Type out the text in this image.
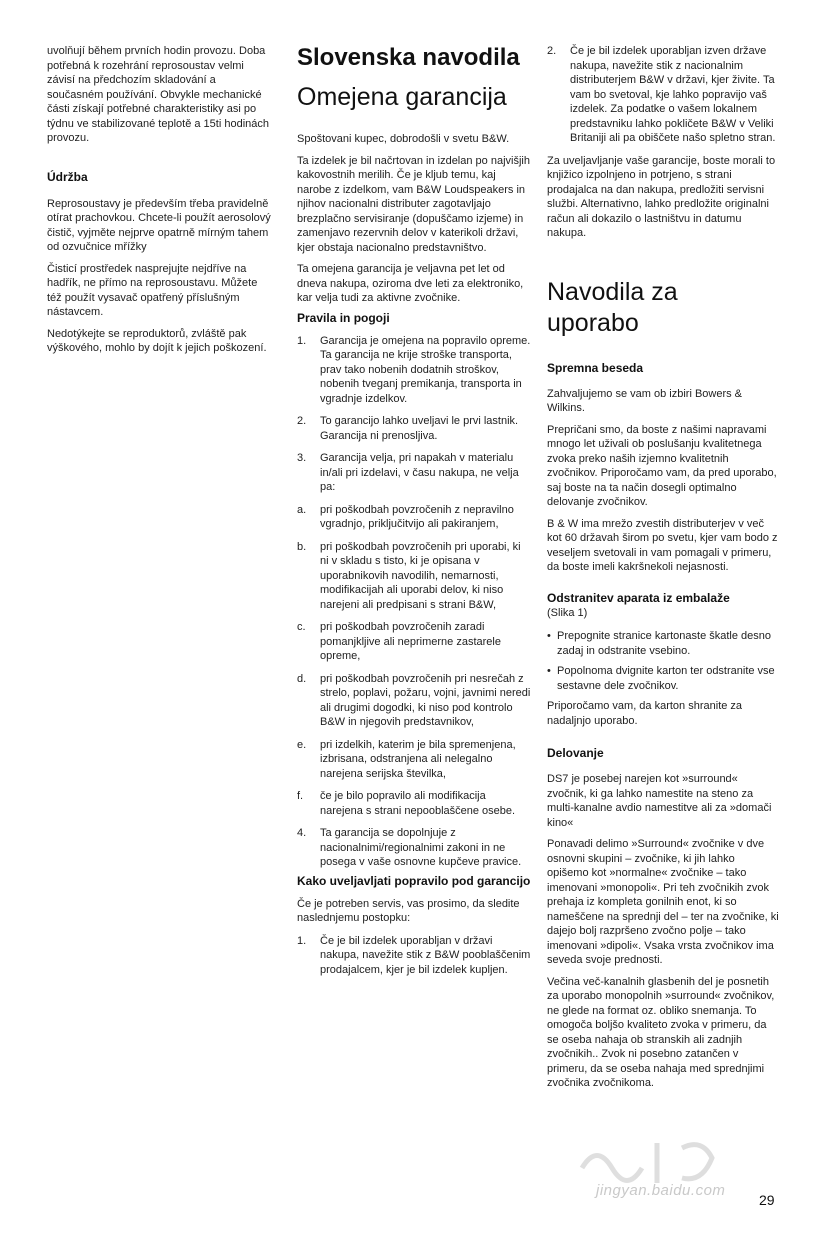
uvolňují během prvních hodin provozu. Doba potřebná k rozehrání reprosoustav velmi závisí na předchozím skladování a současném používání. Obvykle mechanické části získají potřebné charakteristiky asi po týdnu ve stabilizované teplotě a 15ti hodinách provozu.

Údržba

Reprosoustavy je především třeba pravidelně otírat prachovkou. Chcete-li použít aerosolový čistič, vyjměte nejprve opatrně mírným tahem od ozvučnice mřížky

Čisticí prostředek nasprejujte nejdříve na hadřík, ne přímo na reprosoustavu. Můžete též použít vysavač opatřený příslušným nástavcem.

Nedotýkejte se reproduktorů, zvláště pak výškového, mohlo by dojít k jejich poškození.

Slovenska navodila
Omejena garancija

Spoštovani kupec, dobrodošli v svetu B&W.

Ta izdelek je bil načrtovan in izdelan po najvišjih kakovostnih merilih. Če je kljub temu, kaj narobe z izdelkom, vam B&W Loudspeakers in njihov nacionalni distributer zagotavljajo brezplačno servisiranje (dopuščamo izjeme) in zamenjavo rezervnih delov v katerikoli državi, kjer obstaja nacionalno predstavništvo.

Ta omejena garancija je veljavna pet let od dneva nakupa, oziroma dve leti za elektroniko, kar velja tudi za aktivne zvočnike.

Pravila in pogoji
1. Garancija je omejena na popravilo opreme. Ta garancija ne krije stroške transporta, prav tako nobenih dodatnih stroškov, nobenih tveganj premikanja, transporta in vgradnje izdelkov.
2. To garancijo lahko uveljavi le prvi lastnik. Garancija ni prenosljiva.
3. Garancija velja, pri napakah v materialu in/ali pri izdelavi, v času nakupa, ne velja pa:
a. pri poškodbah povzročenih z nepravilno vgradnjo, priključitvijo ali pakiranjem,
b. pri poškodbah povzročenih pri uporabi, ki ni v skladu s tisto, ki je opisana v uporabnikovih navodilih, nemarnosti, modifikacijah ali uporabi delov, ki niso narejeni ali predpisani s strani B&W,
c. pri poškodbah povzročenih zaradi pomanjkljive ali neprimerne zastarele opreme,
d. pri poškodbah povzročenih pri nesrečah z strelo, poplavi, požaru, vojni, javnimi neredi ali drugimi dogodki, ki niso pod kontrolo B&W in njegovih predstavnikov,
e. pri izdelkih, katerim je bila spremenjena, izbrisana, odstranjena ali nelegalno narejena serijska številka,
f. če je bilo popravilo ali modifikacija narejena s strani nepooblaščene osebe.
4. Ta garancija se dopolnjuje z nacionalnimi/regionalnimi zakoni in ne posega v vaše osnovne kupčeve pravice.
Kako uveljavljati popravilo pod garancijo

Če je potreben servis, vas prosimo, da sledite naslednjemu postopku:

1. Če je bil izdelek uporabljan v državi nakupa, navežite stik z B&W pooblaščenim prodajalcem, kjer je bil izdelek kupljen.
2. Če je bil izdelek uporabljan izven države nakupa, navežite stik z nacionalnim distributerjem B&W v državi, kjer živite. Ta vam bo svetoval, kje lahko popravijo vaš izdelek. Za podatke o vašem lokalnem predstavniku lahko pokličete B&W v Veliki Britaniji ali pa obiščete našo spletno stran.

Za uveljavljanje vaše garancije, boste morali to knjižico izpolnjeno in potrjeno, s strani prodajalca na dan nakupa, predložiti servisni službi. Alternativno, lahko predložite originalni račun ali dokazilo o lastništvu in datumu nakupa.

Navodila za
uporabo
Spremna beseda

Zahvaljujemo se vam ob izbiri Bowers & Wilkins.

Prepričani smo, da boste z našimi napravami mnogo let uživali ob poslušanju kvalitetnega zvoka preko naših izjemno kvalitetnih zvočnikov. Priporočamo vam, da pred uporabo, saj boste na ta način dosegli optimalno delovanje zvočnikov.

B & W ima mrežo zvestih distributerjev v več kot 60 državah širom po svetu, kjer vam bodo z veseljem svetovali in vam pomagali v primeru, da boste imeli kakršnekoli nejasnosti.

Odstranitev aparata iz embalaže

(Slika 1)

• Prepognite stranice kartonaste škatle desno zadaj in odstranite vsebino.
• Popolnoma dvignite karton ter odstranite vse sestavne dele zvočnikov.

Priporočamo vam, da karton shranite za nadaljnjo uporabo.

Delovanje

DS7 je posebej narejen kot »surround« zvočnik, ki ga lahko namestite na steno za multi-kanalne avdio namestitve ali za »domači kino«

Ponavadi delimo »Surround« zvočnike v dve osnovni skupini – zvočnike, ki jih lahko opišemo kot »normalne« zvočnike – tako imenovani »monopoli«. Pri teh zvočnikih zvok prehaja iz kompleta gonilnih enot, ki so nameščene na sprednji del – ter na zvočnike, ki dajejo bolj razpršeno zvočno polje – tako imenovani »dipoli«. Vsaka vrsta zvočnikov ima seveda svoje prednosti.

Večina več-kanalnih glasbenih del je posnetih za uporabo monopolnih »surround« zvočnikov, ne glede na format oz. obliko snemanja. To omogoča boljšo kvaliteto zvoka v primeru, da se oseba nahaja ob stranskih ali zadnjih zvočnikih.. Zvok ni posebno zatančen v primeru, da se oseba nahaja med sprednjimi zvočnika zvočnikoma.

jingyan.baidu.com
29
